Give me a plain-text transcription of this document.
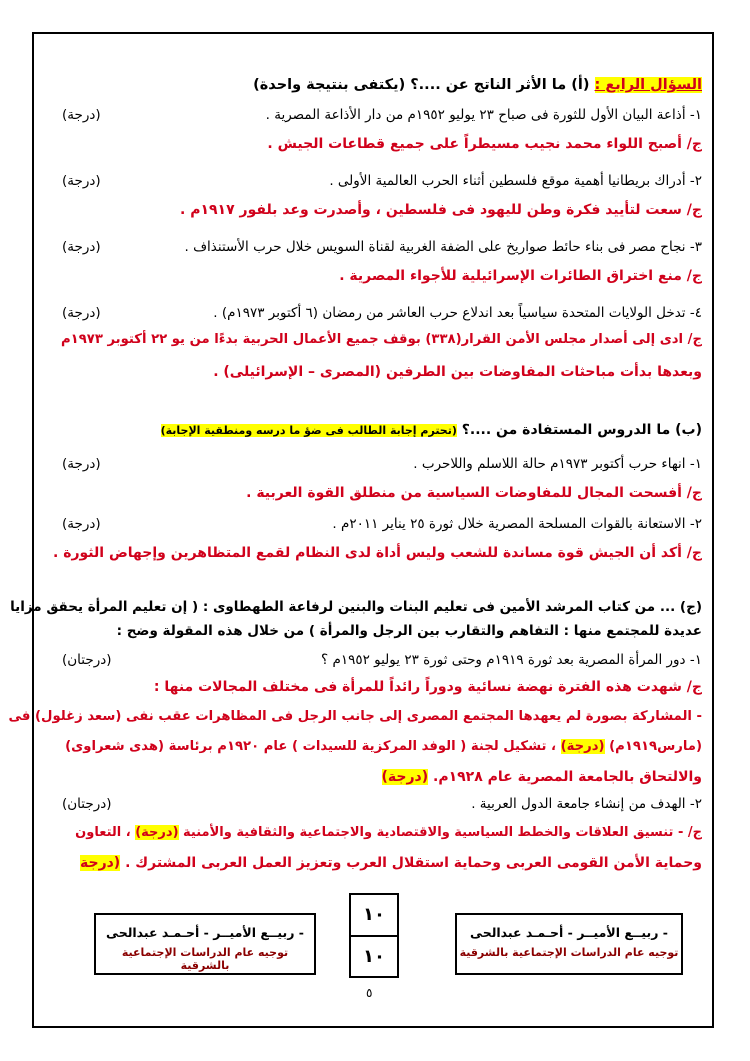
السؤال الرابع : (أ) ما الأثر الناتج عن ....؟ (يكتفى بنتيجة واحدة)
١- أذاعة البيان الأول للثورة فى صباح ٢٣ يوليو ١٩٥٢م من دار الأذاعة المصرية .
(درجة)
ج/ أصبح اللواء محمد نجيب مسيطراً على جميع قطاعات الجيش .
٢- أدراك بريطانيا أهمية موقع فلسطين أثناء الحرب العالمية الأولى .
(درجة)
ج/ سعت لتأييد فكرة وطن لليهود فى فلسطين ، وأصدرت وعد بلفور ١٩١٧م .
٣- نجاح مصر فى بناء حائط صواريخ على الضفة الغربية لقناة السويس خلال حرب الأستنذاف .
(درجة)
ج/ منع اختراق الطائرات الإسرائيلية للأجواء المصرية .
٤- تدخل الولايات المتحدة سياسياً بعد اندلاع حرب العاشر من رمضان (٦ أكتوبر ١٩٧٣م) .
(درجة)
ج/ ادى إلى أصدار مجلس الأمن القرار(٣٣٨) بوقف جميع الأعمال الحربية بدءًا من يو ٢٢ أكتوبر ١٩٧٣م
وبعدها بدأت مباحثات المفاوضات بين الطرفين (المصرى – الإسرائيلى) .
(ب) ما الدروس المستفادة من ....؟ (تحترم إجابة الطالب فى ضؤ ما درسه ومنطقية الإجابة)
١- انهاء حرب أكتوبر ١٩٧٣م حالة اللاسلم واللاحرب .
(درجة)
ج/ أفسحت المجال للمفاوضات السياسية من منطلق القوة العربية .
٢- الاستعانة بالقوات المسلحة المصرية خلال ثورة ٢٥ يناير ٢٠١١م .
(درجة)
ج/ أكد أن الجيش قوة مساندة للشعب وليس أداة لدى النظام لقمع المتظاهرين وإجهاض الثورة .
(ج) ... من كتاب المرشد الأمين فى تعليم البنات والبنين لرفاعة الطهطاوى : ( إن تعليم المرأة يحقق مزايا
عديدة للمجتمع منها : التفاهم والتقارب بين الرجل والمرأة ) من خلال هذه المقولة وضح :
١- دور المرأة المصرية بعد ثورة ١٩١٩م وحتى ثورة ٢٣ يوليو ١٩٥٢م ؟
(درجتان)
ج/ شهدت هذه الفترة نهضة نسائية ودوراً رائداً للمرأة فى مختلف المجالات منها :
- المشاركة بصورة لم يعهدها المجتمع المصرى إلى جانب الرجل فى المظاهرات عقب نفى (سعد زغلول) فى
(مارس١٩١٩م) (درجة) ، تشكيل لجنة ( الوفد المركزية للسيدات ) عام ١٩٢٠م برئاسة (هدى شعراوى)
والالتحاق بالجامعة المصرية عام ١٩٢٨م. (درجة)
٢- الهدف من إنشاء جامعة الدول العربية .
(درجتان)
ج/ - تنسيق العلاقات والخطط السياسية والاقتصادية والاجتماعية والثقافية والأمنية (درجة) ، التعاون
وحماية الأمن القومى العربى وحماية استقلال العرب وتعزيز العمل العربى المشترك . (درجة
- ربيــع الأميــر - أحـمـد عبدالحى
توجيه عام الدراسات الإجتماعية بالشرقية
١٠
١٠
- ربيــع الأميــر - أحـمـد عبدالحى
توجيه عام الدراسات الإجتماعية بالشرقية
٥
